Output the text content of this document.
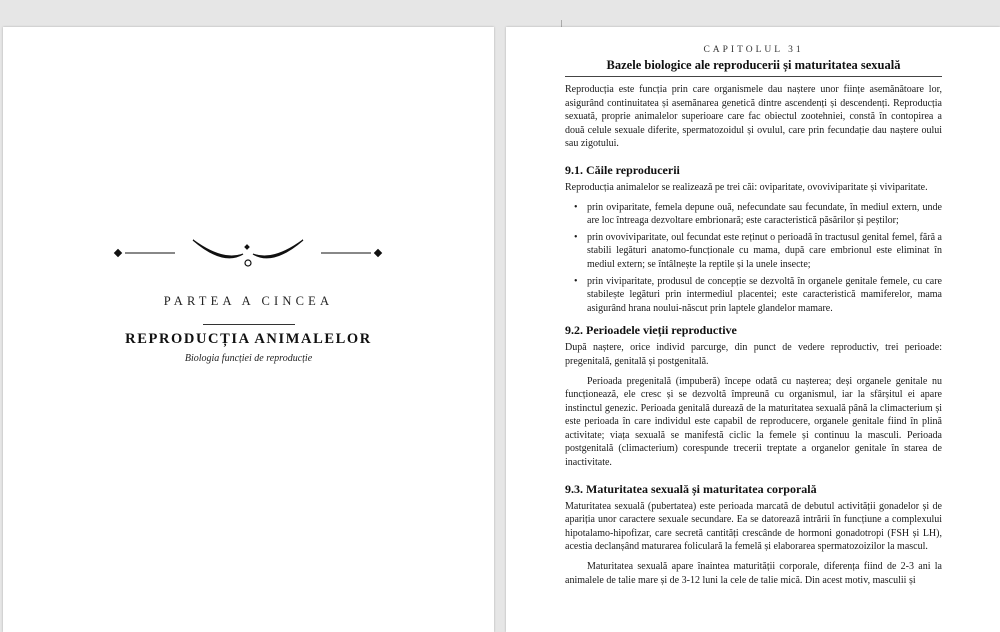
PARTEA A CINCEA
REPRODUCȚIA ANIMALELOR
Biologia funcției de reproducție
CAPITOLUL 31
Bazele biologice ale reproducerii și maturitatea sexuală

Reproducția este funcția prin care organismele dau naștere unor ființe asemănătoare lor, asigurând continuitatea și asemănarea genetică dintre ascendenți și descendenți. Reproducția sexuată, proprie animalelor superioare care fac obiectul zootehniei, constă în contopirea a două celule sexuale diferite, spermatozoidul și ovulul, care prin fecundație dau naștere oului sau zigotului.

9.1. Căile reproducerii

Reproducția animalelor se realizează pe trei căi: oviparitate, ovoviviparitate și viviparitate.

• prin oviparitate, femela depune ouă, nefecundate sau fecundate, în mediul extern, unde are loc întreaga dezvoltare embrionară; este caracteristică păsărilor și peștilor;
• prin ovoviviparitate, oul fecundat este reținut o perioadă în tractusul genital femel, fără a stabili legături anatomo-funcționale cu mama, după care embrionul este eliminat în mediul extern; se întâlnește la reptile și la unele insecte;
• prin viviparitate, produsul de concepție se dezvoltă în organele genitale femele, cu care stabilește legături prin intermediul placentei; este caracteristică mamiferelor, mama asigurând hrana noului-născut prin laptele glandelor mamare.
9.2. Perioadele vieții reproductive

După naștere, orice individ parcurge, din punct de vedere reproductiv, trei perioade: pregenitală, genitală și postgenitală.

Perioada pregenitală (impuberă) începe odată cu nașterea; deși organele genitale nu funcționează, ele cresc și se dezvoltă împreună cu organismul, iar la sfârșitul ei apare instinctul genezic. Perioada genitală durează de la maturitatea sexuală până la climacterium și este perioada în care individul este capabil de reproducere, organele genitale fiind în plină activitate; viața sexuală se manifestă ciclic la femele și continuu la masculi. Perioada postgenitală (climacterium) corespunde trecerii treptate a organelor genitale în starea de inactivitate.

9.3. Maturitatea sexuală și maturitatea corporală

Maturitatea sexuală (pubertatea) este perioada marcată de debutul activității gonadelor și de apariția unor caractere sexuale secundare. Ea se datorează intrării în funcțiune a complexului hipotalamo-hipofizar, care secretă cantități crescânde de hormoni gonadotropi (FSH și LH), acestia declanșând maturarea foliculară la femelă și elaborarea spermatozoizilor la mascul.

Maturitatea sexuală apare înaintea maturității corporale, diferența fiind de 2-3 ani la animalele de talie mare și de 3-12 luni la cele de talie mică. Din acest motiv, masculii și
